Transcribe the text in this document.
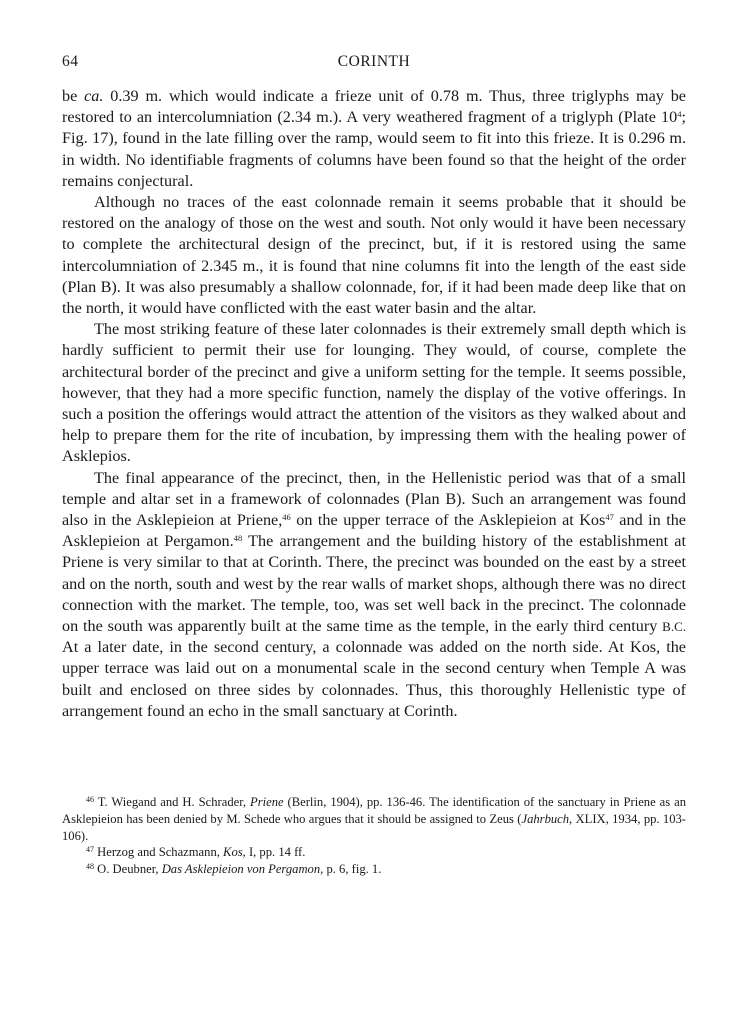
64	CORINTH

be ca. 0.39 m. which would indicate a frieze unit of 0.78 m. Thus, three triglyphs may be restored to an intercolumniation (2.34 m.). A very weathered fragment of a triglyph (Plate 10$^4$; Fig. 17), found in the late filling over the ramp, would seem to fit into this frieze. It is 0.296 m. in width. No identifiable fragments of columns have been found so that the height of the order remains conjectural.

Although no traces of the east colonnade remain it seems probable that it should be restored on the analogy of those on the west and south. Not only would it have been necessary to complete the architectural design of the precinct, but, if it is restored using the same intercolumniation of 2.345 m., it is found that nine columns fit into the length of the east side (Plan B). It was also presumably a shallow colonnade, for, if it had been made deep like that on the north, it would have conflicted with the east water basin and the altar.

The most striking feature of these later colonnades is their extremely small depth which is hardly sufficient to permit their use for lounging. They would, of course, complete the architectural border of the precinct and give a uniform setting for the temple. It seems possible, however, that they had a more specific function, namely the display of the votive offerings. In such a position the offerings would attract the attention of the visitors as they walked about and help to prepare them for the rite of incubation, by impressing them with the healing power of Asklepios.

The final appearance of the precinct, then, in the Hellenistic period was that of a small temple and altar set in a framework of colonnades (Plan B). Such an arrangement was found also in the Asklepieion at Priene,$^{46}$ on the upper terrace of the Asklepieion at Kos$^{47}$ and in the Asklepieion at Pergamon.$^{48}$ The arrangement and the building history of the establishment at Priene is very similar to that at Corinth. There, the precinct was bounded on the east by a street and on the north, south and west by the rear walls of market shops, although there was no direct connection with the market. The temple, too, was set well back in the precinct. The colonnade on the south was apparently built at the same time as the temple, in the early third century B.C. At a later date, in the second century, a colonnade was added on the north side. At Kos, the upper terrace was laid out on a monumental scale in the second century when Temple A was built and enclosed on three sides by colonnades. Thus, this thoroughly Hellenistic type of arrangement found an echo in the small sanctuary at Corinth.

$^{46}$ T. Wiegand and H. Schrader, Priene (Berlin, 1904), pp. 136-46. The identification of the sanctuary in Priene as an Asklepieion has been denied by M. Schede who argues that it should be assigned to Zeus (Jahrbuch, XLIX, 1934, pp. 103-106).

$^{47}$ Herzog and Schazmann, Kos, I, pp. 14 ff.

$^{48}$ O. Deubner, Das Asklepieion von Pergamon, p. 6, fig. 1.
